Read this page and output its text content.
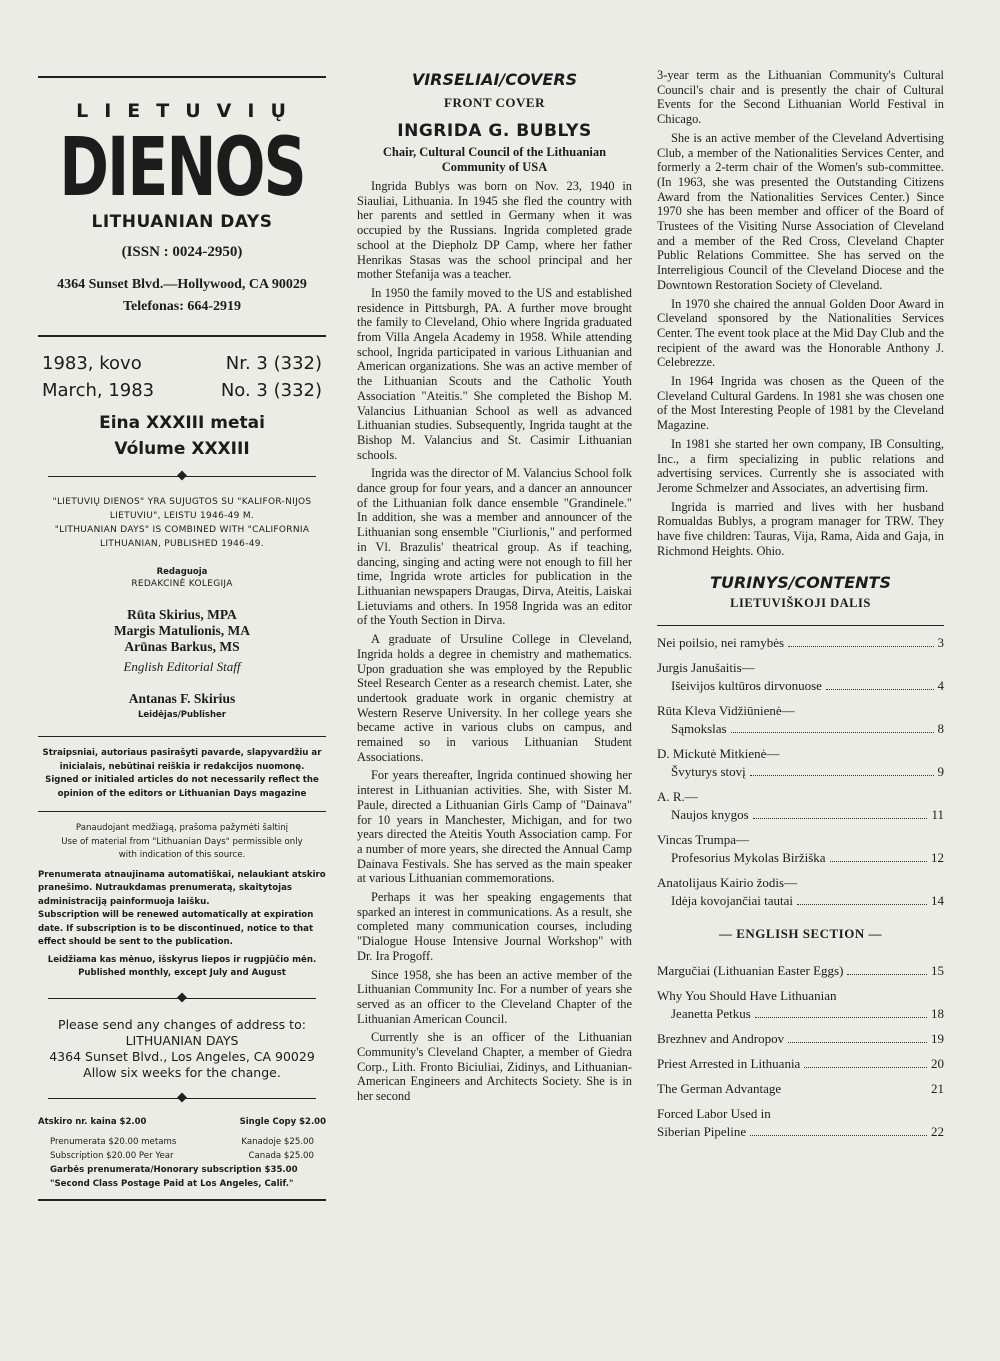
LIETUVIŲ
DIENOS
LITHUANIAN DAYS
(ISSN : 0024-2950)
4364 Sunset Blvd.—Hollywood, CA 90029
Telefonas: 664-2919
1983, kovo	Nr. 3 (332)
March, 1983	No. 3 (332)
Eina XXXIII metai
Vólume XXXIII
"LIETUVIŲ DIENOS" YRA SUJUGTOS SU "KALIFOR-NIJOS LIETUVIU", LEISTU 1946-49 M.
"LITHUANIAN DAYS" IS COMBINED WITH "CALIFORNIA LITHUANIAN, PUBLISHED 1946-49.
Redaguoja
REDAKCINĖ KOLEGIJA
Rūta Skirius, MPA
Margis Matulionis, MA
Arūnas Barkus, MS
English Editorial Staff
Antanas F. Skirius
Leidėjas/Publisher
Straipsniai, autoriaus pasirašyti pavarde, slapyvardžiu ar inicialais, nebūtinai reiškia ir redakcijos nuomonę.
Signed or initialed articles do not necessarily reflect the opinion of the editors or Lithuanian Days magazine
Panaudojant medžiagą, prašoma pažymėti šaltinį
Use of material from "Lithuanian Days" permissible only with indication of this source.
Prenumerata atnaujinama automatiškai, nelaukiant atskiro pranešimo. Nutraukdamas prenumeratą, skaitytojas administraciją painformuoja laišku.
Subscription will be renewed automatically at expiration date. If subscription is to be discontinued, notice to that effect should be sent to the publication.
Leidžiama kas mėnuo, išskyrus liepos ir rugpjūčio mėn.
Published monthly, except July and August
Please send any changes of address to:
LITHUANIAN DAYS
4364 Sunset Blvd., Los Angeles, CA 90029
Allow six weeks for the change.
Atskiro nr. kaina $2.00	Single Copy $2.00
Prenumerata $20.00 metams	Kanadoje $25.00
Subscription $20.00 Per Year	Canada $25.00
Garbės prenumerata/Honorary subscription $35.00
"Second Class Postage Paid at Los Angeles, Calif."
VIRSELIAI/COVERS
FRONT COVER
INGRIDA G. BUBLYS
Chair, Cultural Council of the Lithuanian Community of USA

Ingrida Bublys was born on Nov. 23, 1940 in Siauliai, Lithuania. In 1945 she fled the country with her parents and settled in Germany when it was occupied by the Russians. Ingrida completed grade school at the Diepholz DP Camp, where her father Henrikas Stasas was the school principal and her mother Stefanija was a teacher.

In 1950 the family moved to the US and established residence in Pittsburgh, PA. A further move brought the family to Cleveland, Ohio where Ingrida graduated from Villa Angela Academy in 1958. While attending school, Ingrida participated in various Lithuanian and American organizations. She was an active member of the Lithuanian Scouts and the Catholic Youth Association "Ateitis." She completed the Bishop M. Valancius Lithuanian School as well as advanced Lithuanian studies. Subsequently, Ingrida taught at the Bishop M. Valancius and St. Casimir Lithuanian schools.

Ingrida was the director of M. Valancius School folk dance group for four years, and a dancer an announcer of the Lithuanian folk dance ensemble "Grandinele." In addition, she was a member and announcer of the Lithuanian song ensemble "Ciurlionis," and performed in Vl. Brazulis' theatrical group. As if teaching, dancing, singing and acting were not enough to fill her time, Ingrida wrote articles for publication in the Lithuanian newspapers Draugas, Dirva, Ateitis, Laiskai Lietuviams and others. In 1958 Ingrida was an editor of the Youth Section in Dirva.

A graduate of Ursuline College in Cleveland, Ingrida holds a degree in chemistry and mathematics. Upon graduation she was employed by the Republic Steel Research Center as a research chemist. Later, she undertook graduate work in organic chemistry at Western Reserve University. In her college years she became active in various clubs on campus, and remained so in various Lithuanian Student Associations.

For years thereafter, Ingrida continued showing her interest in Lithuanian activities. She, with Sister M. Paule, directed a Lithuanian Girls Camp of "Dainava" for 10 years in Manchester, Michigan, and for two years directed the Ateitis Youth Association camp. For a number of more years, she directed the Annual Camp Dainava Festivals. She has served as the main speaker at various Lithuanian commemorations.

Perhaps it was her speaking engagements that sparked an interest in communications. As a result, she completed many communication courses, including "Dialogue House Intensive Journal Workshop" with Dr. Ira Progoff.

Since 1958, she has been an active member of the Lithuanian Community Inc. For a number of years she served as an officer to the Cleveland Chapter of the Lithuanian American Council.

Currently she is an officer of the Lithuanian Community's Cleveland Chapter, a member of Giedra Corp., Lith. Fronto Biciuliai, Zidinys, and Lithuanian-American Engineers and Architects Society. She is in her second

3-year term as the Lithuanian Community's Cultural Council's chair and is presently the chair of Cultural Events for the Second Lithuanian World Festival in Chicago.

She is an active member of the Cleveland Advertising Club, a member of the Nationalities Services Center, and formerly a 2-term chair of the Women's sub-committee. (In 1963, she was presented the Outstanding Citizens Award from the Nationalities Services Center.) Since 1970 she has been member and officer of the Board of Trustees of the Visiting Nurse Association of Cleveland and a member of the Red Cross, Cleveland Chapter Public Relations Committee. She has served on the Interreligious Council of the Cleveland Diocese and the Downtown Restoration Society of Cleveland.

In 1970 she chaired the annual Golden Door Award in Cleveland sponsored by the Nationalities Services Center. The event took place at the Mid Day Club and the recipient of the award was the Honorable Anthony J. Celebrezze.

In 1964 Ingrida was chosen as the Queen of the Cleveland Cultural Gardens. In 1981 she was chosen one of the Most Interesting People of 1981 by the Cleveland Magazine.

In 1981 she started her own company, IB Consulting, Inc., a firm specializing in public relations and advertising services. Currently she is associated with Jerome Schmelzer and Associates, an advertising firm.

Ingrida is married and lives with her husband Romualdas Bublys, a program manager for TRW. They have five children: Tauras, Vija, Rama, Aida and Gaja, in Richmond Heights. Ohio.

TURINYS/CONTENTS
LIETUVIŠKOJI DALIS
Nei poilsio, nei ramybės	3
Jurgis Janušaitis—
Išeivijos kultūros dirvonuose	4
Rūta Kleva Vidžiūnienė—
Sąmokslas	8
D. Mickutė Mitkienė—
Švyturys stovį	9
A. R.—
Naujos knygos	11
Vincas Trumpa—
Profesorius Mykolas Biržiška	12
Anatolijaus Kairio žodis—
Idėja kovojančiai tautai	14
— ENGLISH SECTION —
Margučiai (Lithuanian Easter Eggs)	15
Why You Should Have Lithuanian
Jeanetta Petkus	18
Brezhnev and Andropov	19
Priest Arrested in Lithuania	20
The German Advantage	21
Forced Labor Used in
Siberian Pipeline	22
